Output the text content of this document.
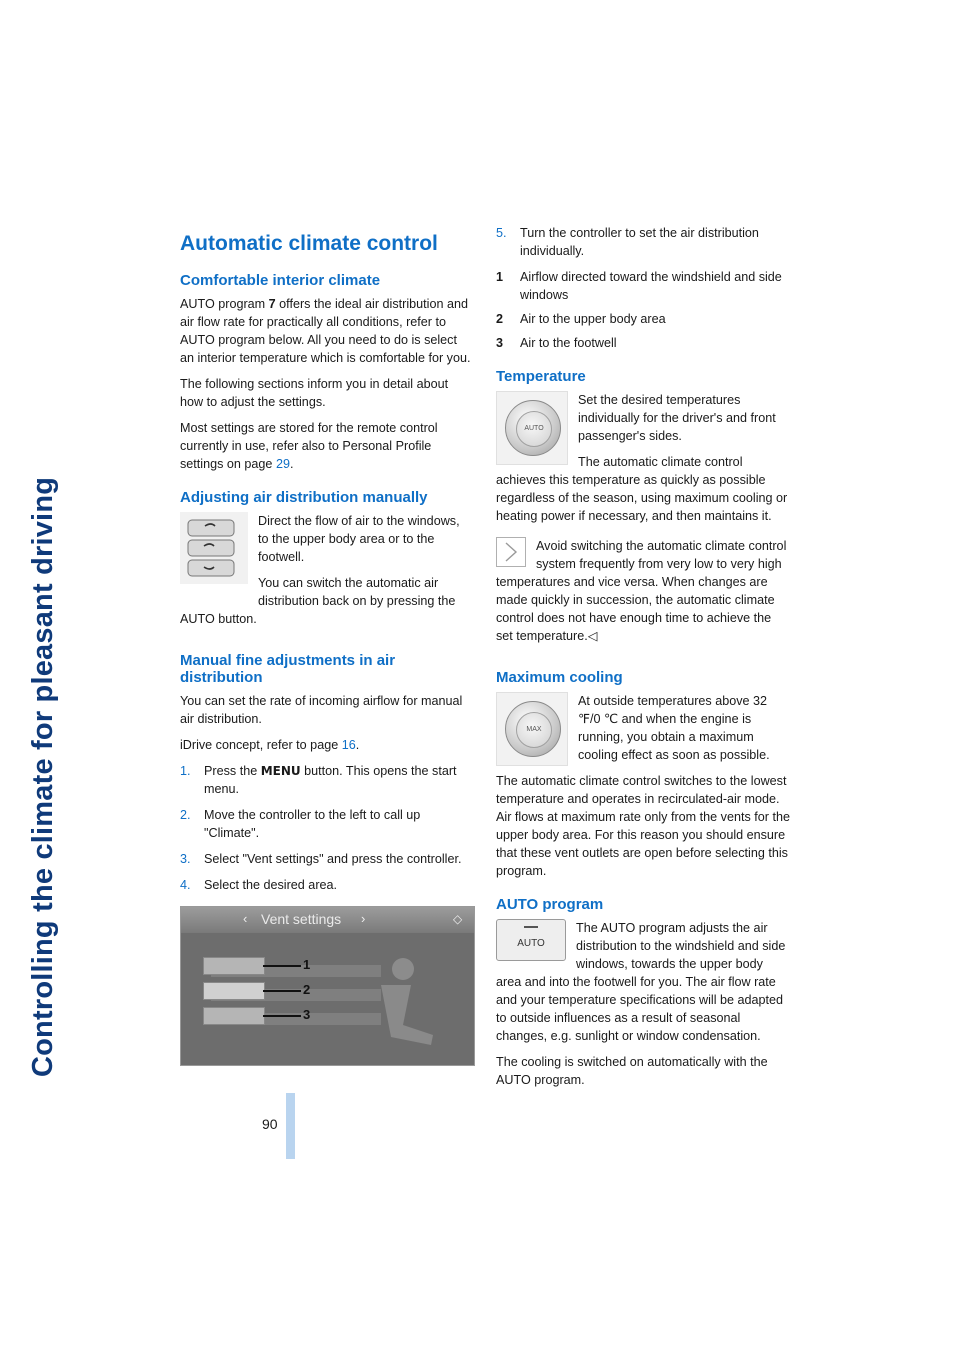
Controlling the climate for pleasant driving
90
Automatic climate control
Comfortable interior climate

AUTO program 7 offers the ideal air distribution and air flow rate for practically all conditions, refer to AUTO program below. All you need to do is select an interior temperature which is comfortable for you.

The following sections inform you in detail about how to adjust the settings.

Most settings are stored for the remote control currently in use, refer also to Personal Profile settings on page 29.

Adjusting air distribution manually

Direct the flow of air to the windows, to the upper body area or to the footwell.

You can switch the automatic air distribution back on by pressing the AUTO button.

Manual fine adjustments in air distribution

You can set the rate of incoming airflow for manual air distribution.

iDrive concept, refer to page 16.

1.	Press the MENU button. This opens the start menu.
2.	Move the controller to the left to call up "Climate".
3.	Select "Vent settings" and press the controller.
4.	Select the desired area.
‹ Vent settings ›	◇
1
2
3
5.	Turn the controller to set the air distribution individually.
1	Airflow directed toward the windshield and side windows
2	Air to the upper body area
3	Air to the footwell
Temperature
AUTO

Set the desired temperatures individually for the driver's and front passenger's sides.

The automatic climate control achieves this temperature as quickly as possible regardless of the season, using maximum cooling or heating power if necessary, and then maintains it.

Avoid switching the automatic climate control system frequently from very low to very high temperatures and vice versa. When changes are made quickly in succession, the automatic climate control does not have enough time to achieve the set temperature.◁

Maximum cooling
MAX

At outside temperatures above 32 ℉/0 ℃ and when the engine is running, you obtain a maximum cooling effect as soon as possible.

The automatic climate control switches to the lowest temperature and operates in recirculated-air mode. Air flows at maximum rate only from the vents for the upper body area. For this reason you should ensure that these vent outlets are open before selecting this program.

AUTO program
AUTO

The AUTO program adjusts the air distribution to the windshield and side windows, towards the upper body area and into the footwell for you. The air flow rate and your temperature specifications will be adapted to outside influences as a result of seasonal changes, e.g. sunlight or window condensation.

The cooling is switched on automatically with the AUTO program.
